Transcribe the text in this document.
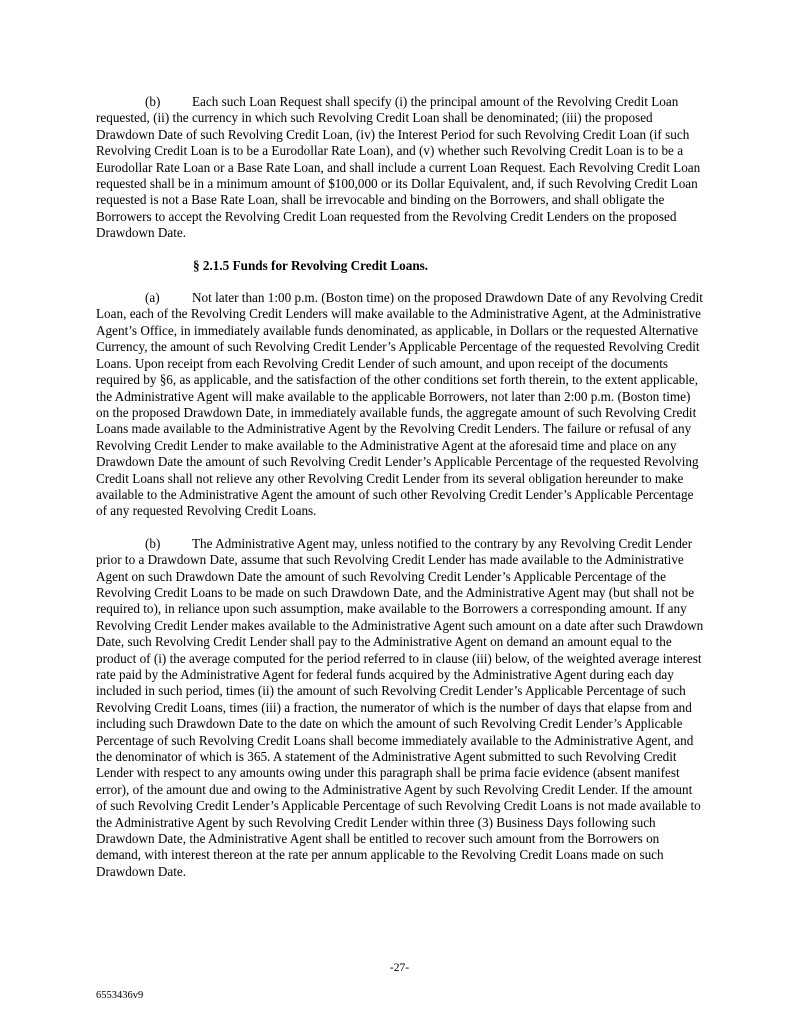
(b) Each such Loan Request shall specify (i) the principal amount of the Revolving Credit Loan requested, (ii) the currency in which such Revolving Credit Loan shall be denominated; (iii) the proposed Drawdown Date of such Revolving Credit Loan, (iv) the Interest Period for such Revolving Credit Loan (if such Revolving Credit Loan is to be a Eurodollar Rate Loan), and (v) whether such Revolving Credit Loan is to be a Eurodollar Rate Loan or a Base Rate Loan, and shall include a current Loan Request. Each Revolving Credit Loan requested shall be in a minimum amount of $100,000 or its Dollar Equivalent, and, if such Revolving Credit Loan requested is not a Base Rate Loan, shall be irrevocable and binding on the Borrowers, and shall obligate the Borrowers to accept the Revolving Credit Loan requested from the Revolving Credit Lenders on the proposed Drawdown Date.

§ 2.1.5 Funds for Revolving Credit Loans.

(a) Not later than 1:00 p.m. (Boston time) on the proposed Drawdown Date of any Revolving Credit Loan, each of the Revolving Credit Lenders will make available to the Administrative Agent, at the Administrative Agent’s Office, in immediately available funds denominated, as applicable, in Dollars or the requested Alternative Currency, the amount of such Revolving Credit Lender’s Applicable Percentage of the requested Revolving Credit Loans. Upon receipt from each Revolving Credit Lender of such amount, and upon receipt of the documents required by §6, as applicable, and the satisfaction of the other conditions set forth therein, to the extent applicable, the Administrative Agent will make available to the applicable Borrowers, not later than 2:00 p.m. (Boston time) on the proposed Drawdown Date, in immediately available funds, the aggregate amount of such Revolving Credit Loans made available to the Administrative Agent by the Revolving Credit Lenders. The failure or refusal of any Revolving Credit Lender to make available to the Administrative Agent at the aforesaid time and place on any Drawdown Date the amount of such Revolving Credit Lender’s Applicable Percentage of the requested Revolving Credit Loans shall not relieve any other Revolving Credit Lender from its several obligation hereunder to make available to the Administrative Agent the amount of such other Revolving Credit Lender’s Applicable Percentage of any requested Revolving Credit Loans.

(b) The Administrative Agent may, unless notified to the contrary by any Revolving Credit Lender prior to a Drawdown Date, assume that such Revolving Credit Lender has made available to the Administrative Agent on such Drawdown Date the amount of such Revolving Credit Lender’s Applicable Percentage of the Revolving Credit Loans to be made on such Drawdown Date, and the Administrative Agent may (but shall not be required to), in reliance upon such assumption, make available to the Borrowers a corresponding amount. If any Revolving Credit Lender makes available to the Administrative Agent such amount on a date after such Drawdown Date, such Revolving Credit Lender shall pay to the Administrative Agent on demand an amount equal to the product of (i) the average computed for the period referred to in clause (iii) below, of the weighted average interest rate paid by the Administrative Agent for federal funds acquired by the Administrative Agent during each day included in such period, times (ii) the amount of such Revolving Credit Lender’s Applicable Percentage of such Revolving Credit Loans, times (iii) a fraction, the numerator of which is the number of days that elapse from and including such Drawdown Date to the date on which the amount of such Revolving Credit Lender’s Applicable Percentage of such Revolving Credit Loans shall become immediately available to the Administrative Agent, and the denominator of which is 365. A statement of the Administrative Agent submitted to such Revolving Credit Lender with respect to any amounts owing under this paragraph shall be prima facie evidence (absent manifest error), of the amount due and owing to the Administrative Agent by such Revolving Credit Lender. If the amount of such Revolving Credit Lender’s Applicable Percentage of such Revolving Credit Loans is not made available to the Administrative Agent by such Revolving Credit Lender within three (3) Business Days following such Drawdown Date, the Administrative Agent shall be entitled to recover such amount from the Borrowers on demand, with interest thereon at the rate per annum applicable to the Revolving Credit Loans made on such Drawdown Date.

-27-
6553436v9
